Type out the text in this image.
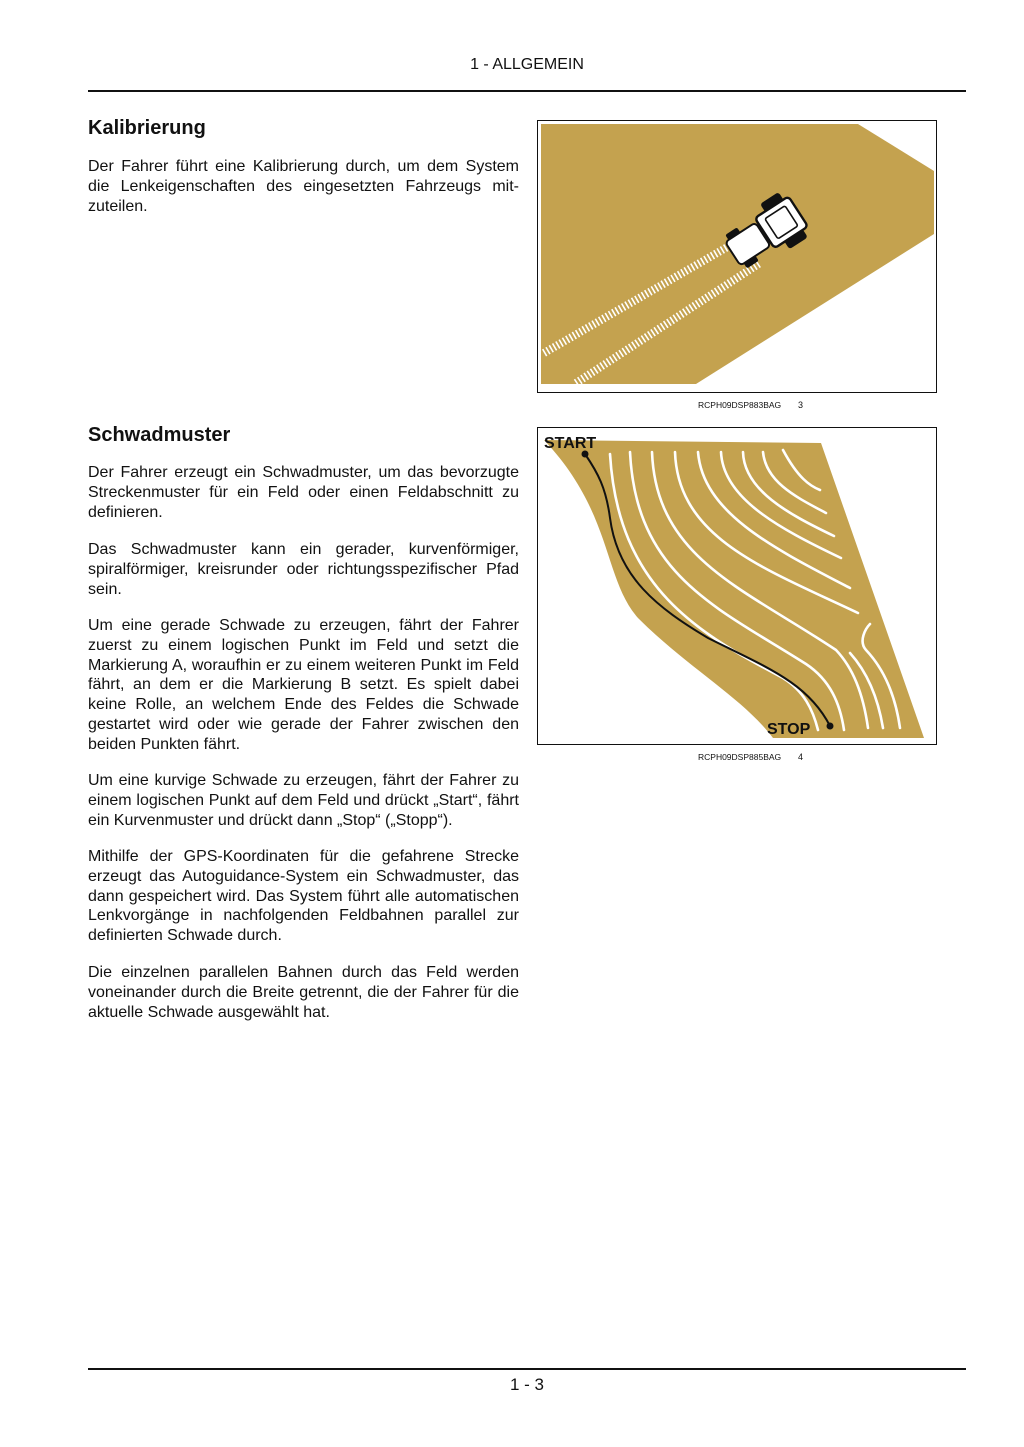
1 - ALLGEMEIN
Kalibrierung

Der Fahrer führt eine Kalibrierung durch, um dem System die Lenkeigenschaften des eingesetzten Fahrzeugs mitzuteilen.

RCPH09DSP883BAG 3
Schwadmuster

Der Fahrer erzeugt ein Schwadmuster, um das bevorzugte Streckenmuster für ein Feld oder einen Feldabschnitt zu definieren.

Das Schwadmuster kann ein gerader, kurvenförmiger, spiralförmiger, kreisrunder oder richtungsspezifischer Pfad sein.

Um eine gerade Schwade zu erzeugen, fährt der Fahrer zuerst zu einem logischen Punkt im Feld und setzt die Markierung A, woraufhin er zu einem weiteren Punkt im Feld fährt, an dem er die Markierung B setzt. Es spielt dabei keine Rolle, an welchem Ende des Feldes die Schwade gestartet wird oder wie gerade der Fahrer zwischen den beiden Punkten fährt.

Um eine kurvige Schwade zu erzeugen, fährt der Fahrer zu einem logischen Punkt auf dem Feld und drückt „Start“, fährt ein Kurvenmuster und drückt dann „Stop“ („Stopp“).

Mithilfe der GPS-Koordinaten für die gefahrene Strecke erzeugt das Autoguidance-System ein Schwadmuster, das dann gespeichert wird. Das System führt alle automatischen Lenkvorgänge in nachfolgenden Feldbahnen parallel zur definierten Schwade durch.

Die einzelnen parallelen Bahnen durch das Feld werden voneinander durch die Breite getrennt, die der Fahrer für die aktuelle Schwade ausgewählt hat.

START
STOP
RCPH09DSP885BAG 4
1 - 3
